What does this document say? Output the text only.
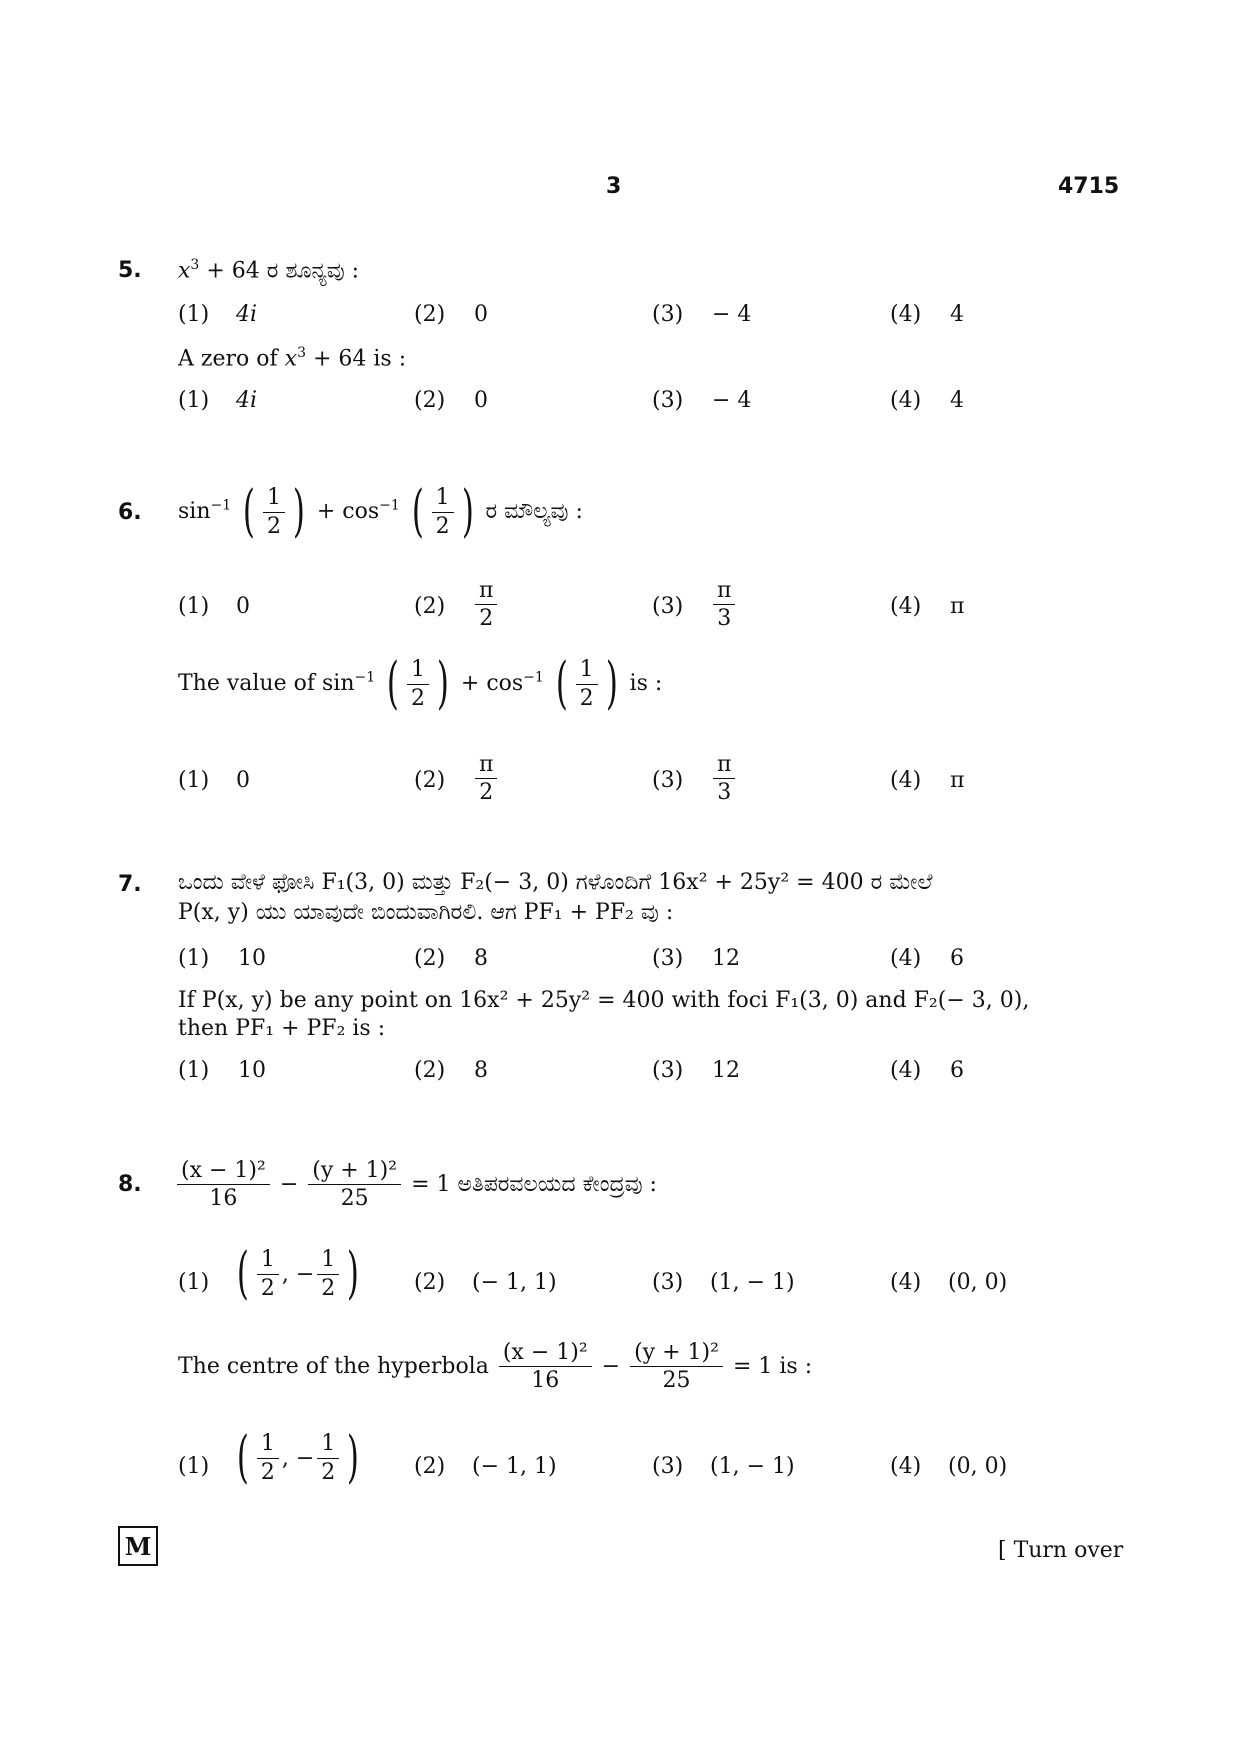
3	4715
5. $x^3 + 64$ ರ ಶೂನ್ಯವು :
(1) 4i	(2) 0	(3) − 4	(4) 4
A zero of $x^3 + 64$ is :
(1) 4i	(2) 0	(3) − 4	(4) 4
6. $\sin^{-1}$ ( $\frac{1}{2}$ ) + $\cos^{-1}$ ( $\frac{1}{2}$ ) ರ ಮೌಲ್ಯವು :
(1) 0	$(2) \frac{\pi}{2}$	$(3) \frac{\pi}{3}$	(4) π
The value of $\sin^{-1}$ ( $\frac{1}{2}$ ) + $\cos^{-1}$ ( $\frac{1}{2}$ ) is :
(1) 0	$(2) \frac{\pi}{2}$	$(3) \frac{\pi}{3}$	(4) π
7. ಒಂದು ವೇಳೆ ಫೋಸಿ F₁(3, 0) ಮತ್ತು F₂(− 3, 0) ಗಳೊಂದಿಗೆ 16x² + 25y² = 400 ರ ಮೇಲೆ
P(x, y) ಯು ಯಾವುದೇ ಬಿಂದುವಾಗಿರಲಿ. ಆಗ PF₁ + PF₂ ವು :
(1) 10	(2) 8	(3) 12	(4) 6
If P(x, y) be any point on 16x² + 25y² = 400 with foci F₁(3, 0) and F₂(− 3, 0),
then PF₁ + PF₂ is :
(1) 10	(2) 8	(3) 12	(4) 6
8. $\frac{\text{(x − 1)²}}{16} - \frac{\text{(y + 1)²}}{25} = 1$ ಅತಿಪರವಲಯದ ಕೇಂದ್ರವು :
(1) ( $\frac{1}{2}$ , − $\frac{1}{2}$ ) (2) (− 1, 1)	(3) (1, − 1)	(4) (0, 0)
The centre of the hyperbola $\frac{\text{(x − 1)²}}{16} - \frac{\text{(y + 1)²}}{25} = 1$ is :
(1) ( $\frac{1}{2}$ , − $\frac{1}{2}$ ) (2) (− 1, 1)	(3) (1, − 1)	(4) (0, 0)
M	[ Turn over
